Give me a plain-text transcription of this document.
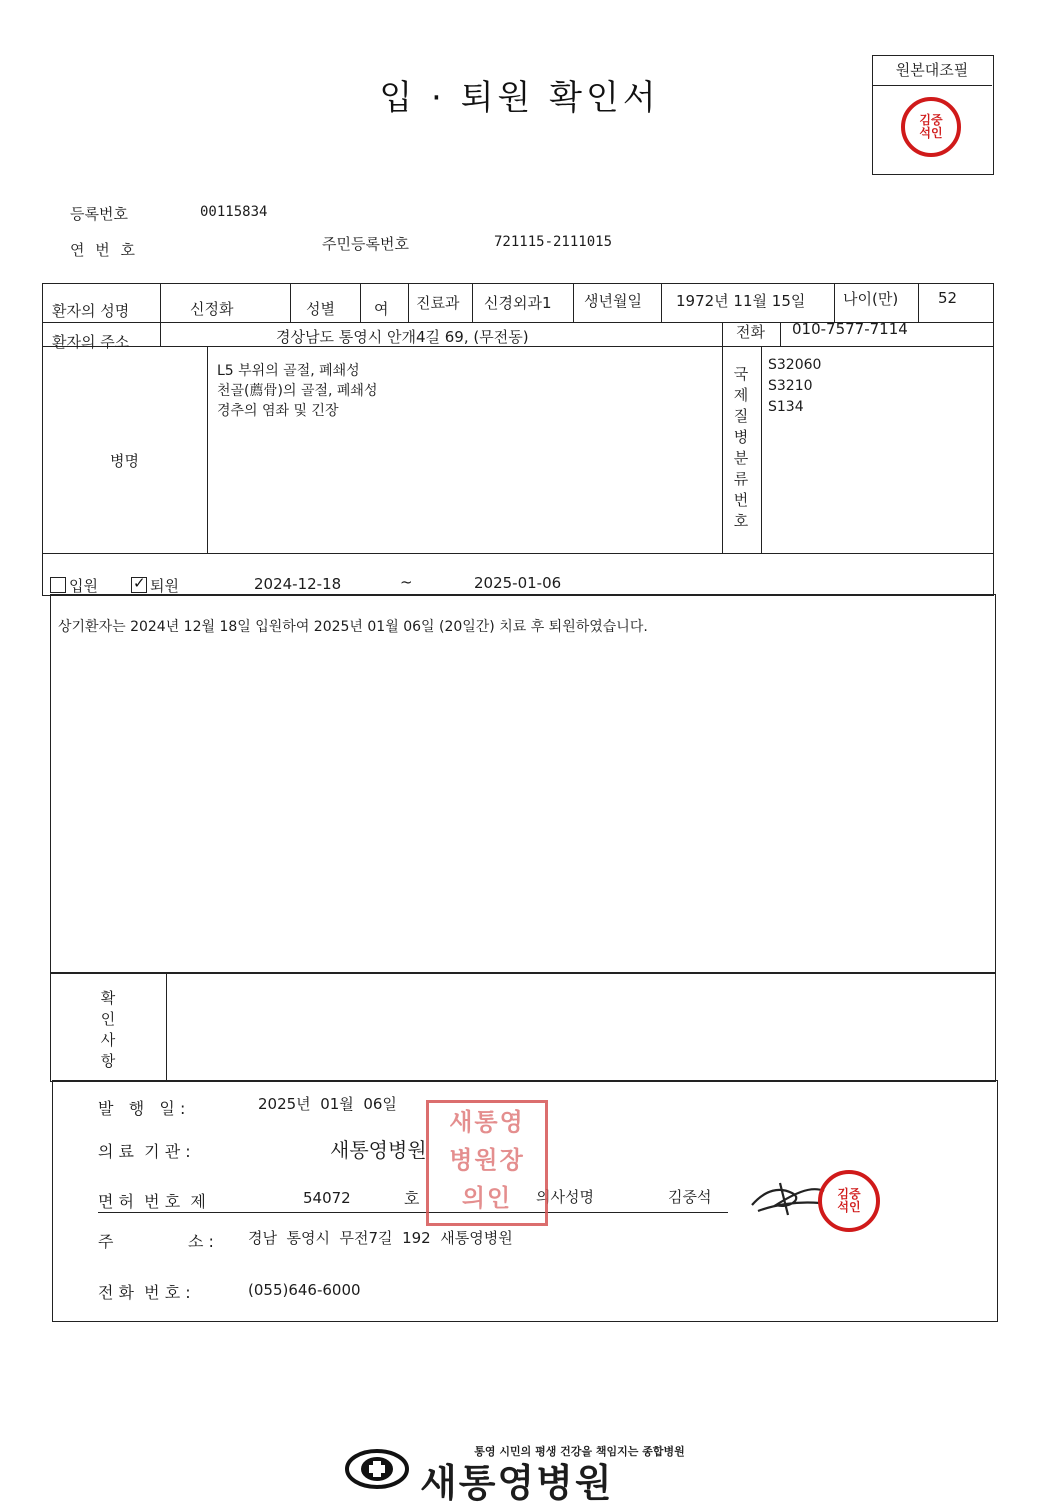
입 · 퇴원 확인서
원본대조필
김중
석인
등록번호	00115834
연 번 호	주민등록번호	721115-2111015
환자의 성명	신정화	성별	여 진료과 신경외과1 생년월일 1972년 11월 15일	나이(만)	52
환자의 주소	경상남도 통영시 안개4길 69, (무전동)	전화 010-7577-7114
병명
L5 부위의 골절, 폐쇄성
천골(薦骨)의 골절, 폐쇄성
경추의 염좌 및 긴장
국
제
질
병
분
류
번
호
S32060
S3210
S134
입원
✓	퇴원	2024-12-18	~	2025-01-06
상기환자는 2024년 12월 18일 입원하여 2025년 01월 06일 (20일간) 치료 후 퇴원하였습니다.
확
인
사
항
발   행   일 :	2025년  01월  06일
의 료  기 관 :	새통영병원
면 허  번 호  제	54072	호	의사성명	김중석
주	소 : 경남  통영시  무전7길  192  새통영병원
전 화  번 호 :	(055)646-6000
새통영
병원장
의인	김중
석인
통영 시민의 평생 건강을 책임지는 종합병원
새통영병원
